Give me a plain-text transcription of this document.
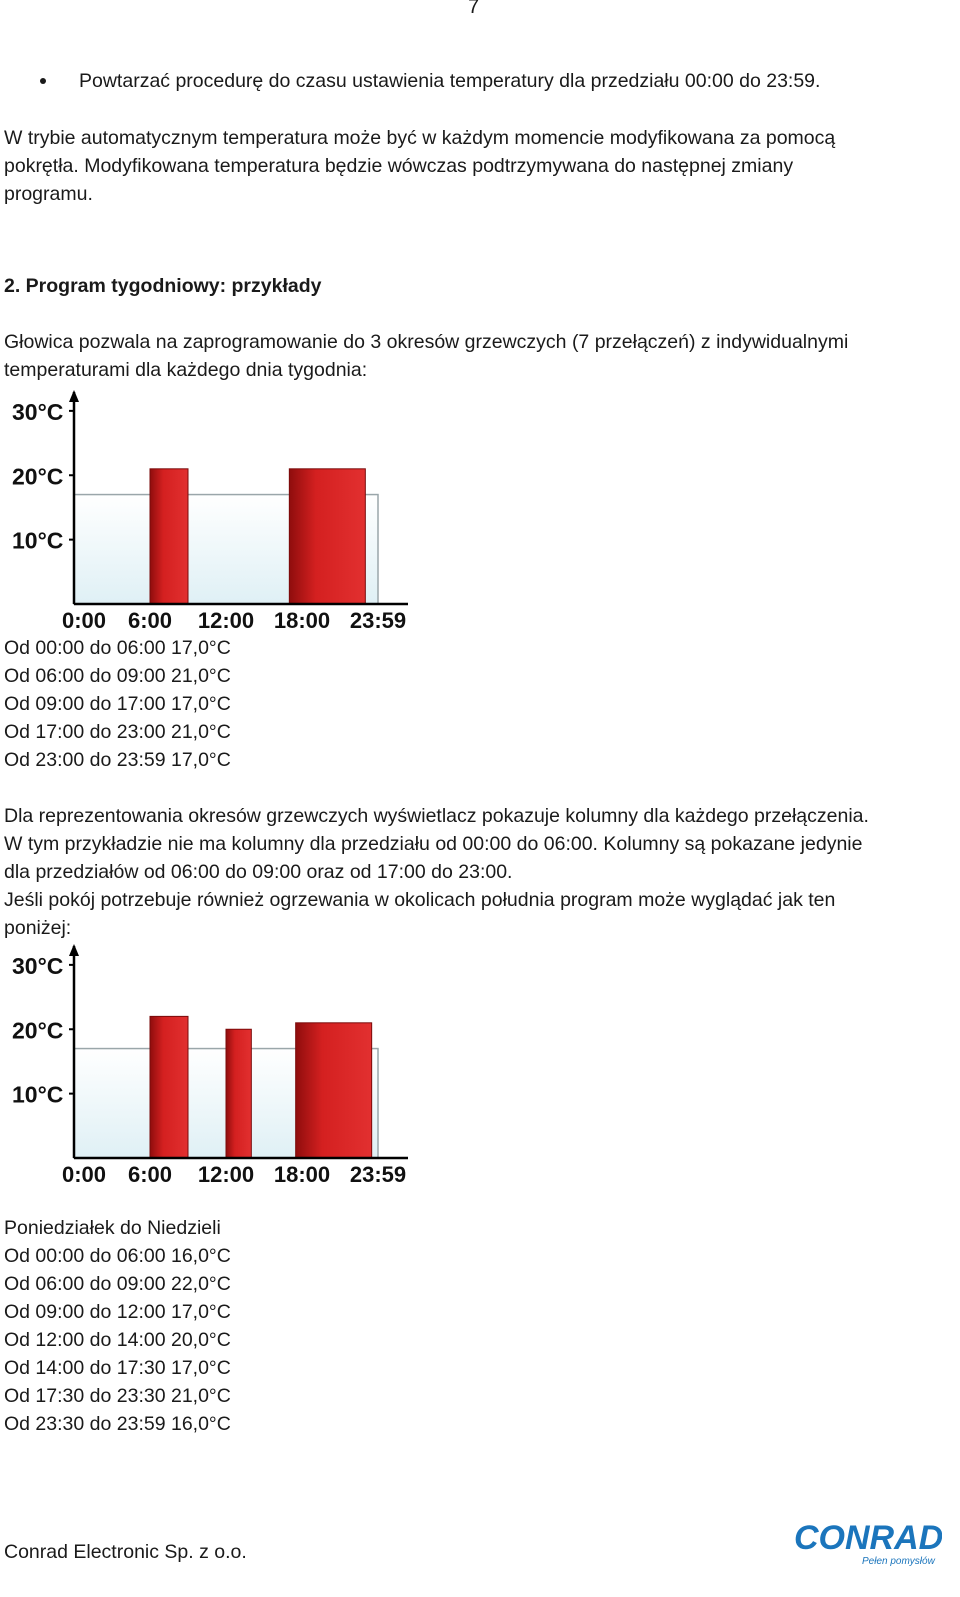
7
Powtarzać procedurę do czasu ustawienia temperatury dla przedziału 00:00 do 23:59.
W trybie automatycznym temperatura może być w każdym momencie modyfikowana za pomocą
pokrętła. Modyfikowana temperatura będzie wówczas podtrzymywana do następnej zmiany
programu.
2. Program tygodniowy: przykłady
Głowica pozwala na zaprogramowanie do 3 okresów grzewczych (7 przełączeń) z indywidualnymi
temperaturami dla każdego dnia tygodnia:
30°C
20°C
10°C
0:00 6:00 12:00 18:00 23:59
Od 00:00 do 06:00 17,0°C
Od 06:00 do 09:00 21,0°C
Od 09:00 do 17:00 17,0°C
Od 17:00 do 23:00 21,0°C
Od 23:00 do 23:59 17,0°C
Dla reprezentowania okresów grzewczych wyświetlacz pokazuje kolumny dla każdego przełączenia.
W tym przykładzie nie ma kolumny dla przedziału od 00:00 do 06:00. Kolumny są pokazane jedynie
dla przedziałów od 06:00 do 09:00 oraz od 17:00 do 23:00.
Jeśli pokój potrzebuje również ogrzewania w okolicach południa program może wyglądać jak ten
poniżej:
30°C
20°C
10°C
0:00 6:00 12:00 18:00 23:59
Poniedziałek do Niedzieli
Od 00:00 do 06:00 16,0°C
Od 06:00 do 09:00 22,0°C
Od 09:00 do 12:00 17,0°C
Od 12:00 do 14:00 20,0°C
Od 14:00 do 17:30 17,0°C
Od 17:30 do 23:30 21,0°C
Od 23:30 do 23:59 16,0°C
Conrad Electronic Sp. z o.o.	CONRAD
Pełen pomysłów
